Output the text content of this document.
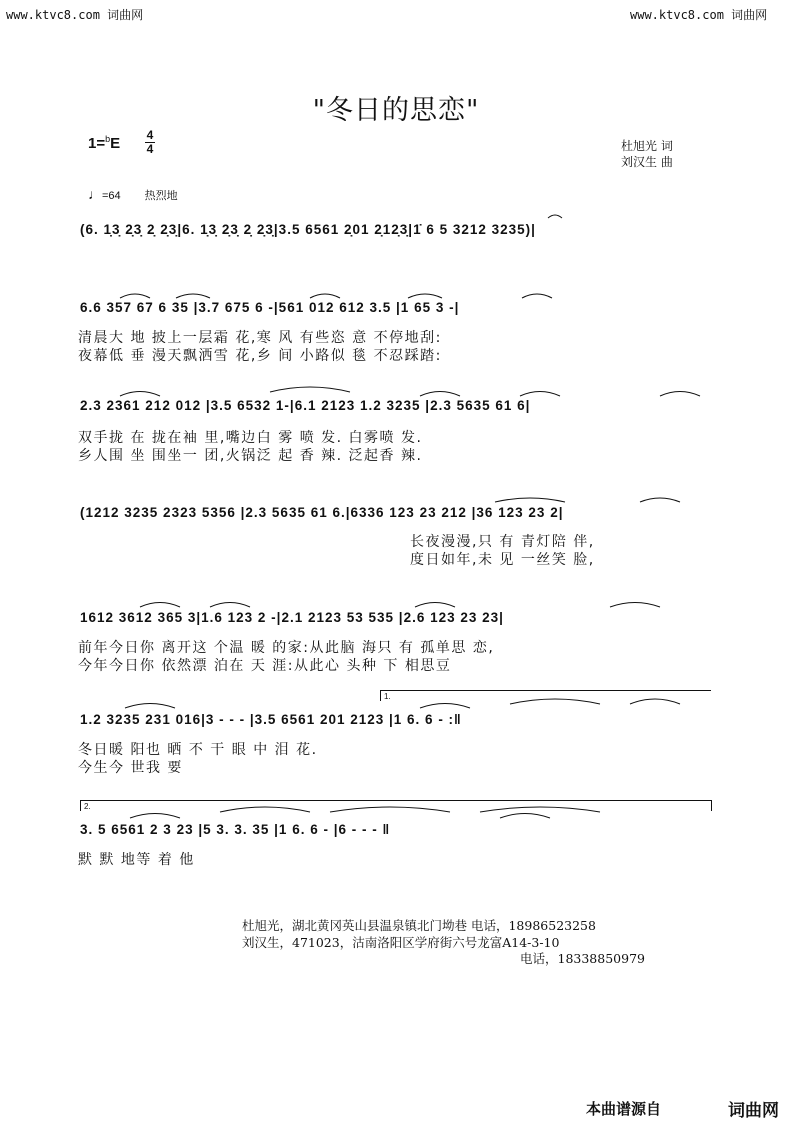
www.ktvc8.com 词曲网	www.ktvc8.com 词曲网
"冬日的思恋"
1=$^b$E 4
4	杜旭光 词
刘汉生 曲
♩=64 热烈地
(6. 1̣3̣ 2̣3̣ 2̣ 2̣3̣|6. 1̣3̣ 2̣3̣ 2̣ 2̣3̣|3.5 6561 2̣01 2̣12̣3̣|1̇ 6 5 3212 3235)|
6.6 357 67 6 35 |3.7 675 6 -|561 012 612 3.5 |1 65 3 -|
清晨大 地 披上一层霜 花,寒 风 有些恣 意 不停地刮:
夜幕低 垂 漫天飘洒雪 花,乡 间 小路似 毯 不忍踩踏:
2.3 2361 212 012 |3.5 6532 1-|6.1 2123 1.2 3235 |2.3 5635 61 6|
双手拢 在 拢在袖 里,嘴边白 雾 喷 发. 白雾喷 发.
乡人围 坐 围坐一 团,火锅泛 起 香 辣. 泛起香 辣.
(1212 3235 2323 5356 |2.3 5635 61 6.|6336 123 23 212 |36 123 23 2|
长夜漫漫,只 有 青灯陪 伴,
度日如年,未 见 一丝笑 脸,
1612 3612 365 3|1.6 123 2 -|2.1 2123 53 535 |2.6 123 23 23|
前年今日你 离开这 个温 暖 的家:从此脑 海只 有 孤单思 恋,
今年今日你 依然漂 泊在 天 涯:从此心 头种 下 相思豆
1.
1.2 3235 231 016|3 - - - |3.5 6561 201 2123 |1 6. 6 - :‖
冬日暖 阳也 晒 不 干 眼 中 泪 花.
今生今 世我 要
2.
3. 5 6561 2 3 23 |5 3. 3. 35 |1 6. 6 - |6 - - - ‖
默 默 地等 着 他
杜旭光，湖北黄冈英山县温泉镇北门坳巷 电话，18986523258
刘汉生，471023，沽南洛阳区学府街六号龙富A14-3-10
电话，18338850979
本曲谱源自	词曲网
